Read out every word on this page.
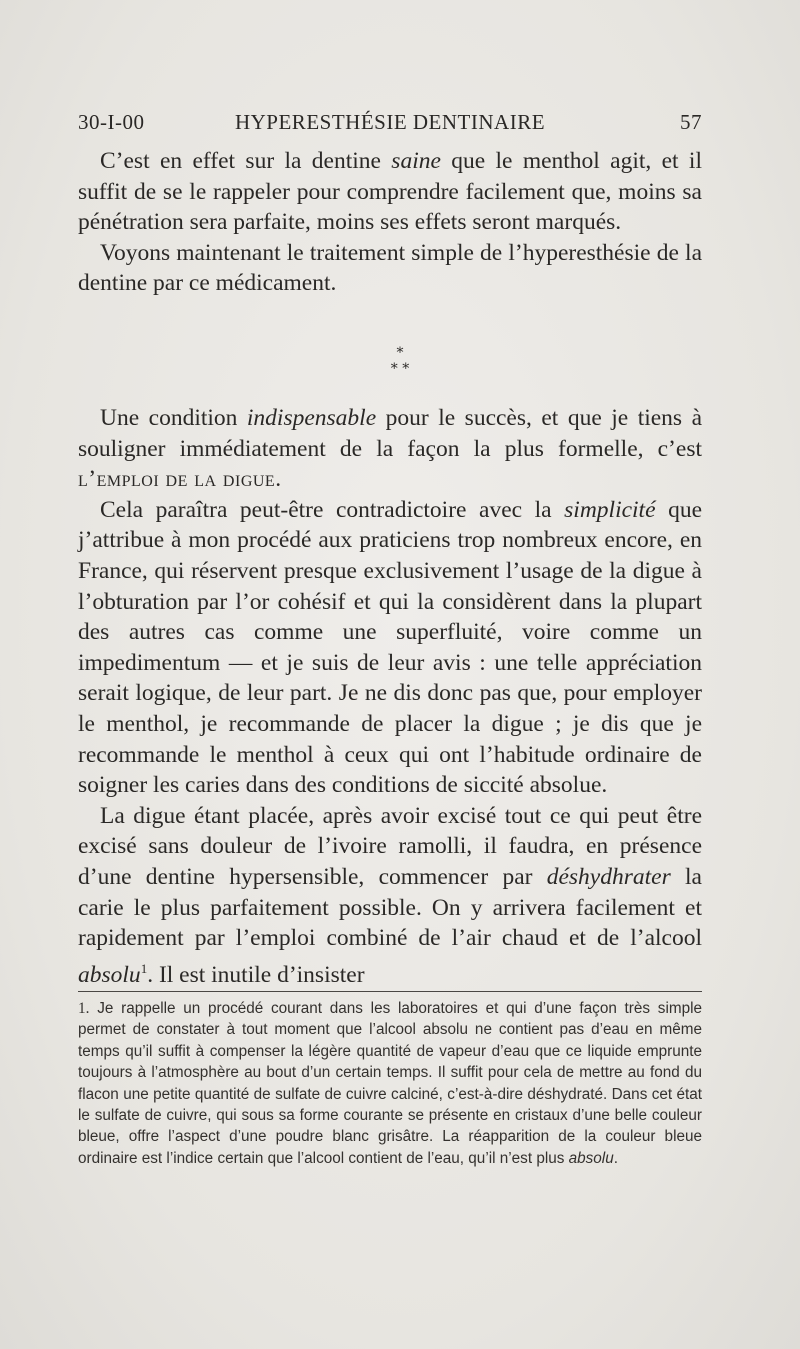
30-I-00	HYPERESTHÉSIE DENTINAIRE	57

C’est en effet sur la dentine saine que le menthol agit, et il suffit de se le rappeler pour comprendre facilement que, moins sa pénétration sera parfaite, moins ses effets seront marqués.

Voyons maintenant le traitement simple de l’hyperesthésie de la dentine par ce médicament.

*
* *

Une condition indispensable pour le succès, et que je tiens à souligner immédiatement de la façon la plus formelle, c’est l’emploi de la digue.

Cela paraîtra peut-être contradictoire avec la simplicité que j’attribue à mon procédé aux praticiens trop nombreux encore, en France, qui réservent presque exclusivement l’usage de la digue à l’obturation par l’or cohésif et qui la considèrent dans la plupart des autres cas comme une superfluité, voire comme un impedimentum — et je suis de leur avis : une telle appréciation serait logique, de leur part. Je ne dis donc pas que, pour employer le menthol, je recommande de placer la digue ; je dis que je recommande le menthol à ceux qui ont l’habitude ordinaire de soigner les caries dans des conditions de siccité absolue.

La digue étant placée, après avoir excisé tout ce qui peut être excisé sans douleur de l’ivoire ramolli, il faudra, en présence d’une dentine hypersensible, commencer par déshydhrater la carie le plus parfaitement possible. On y arrivera facilement et rapidement par l’emploi combiné de l’air chaud et de l’alcool absolu$^1$. Il est inutile d’insister

1. Je rappelle un procédé courant dans les laboratoires et qui d’une façon très simple permet de constater à tout moment que l’alcool absolu ne contient pas d’eau en même temps qu’il suffit à compenser la légère quantité de vapeur d’eau que ce liquide emprunte toujours à l’atmosphère au bout d’un certain temps. Il suffit pour cela de mettre au fond du flacon une petite quantité de sulfate de cuivre calciné, c’est-à-dire déshydraté. Dans cet état le sulfate de cuivre, qui sous sa forme courante se présente en cristaux d’une belle couleur bleue, offre l’aspect d’une poudre blanc grisâtre. La réapparition de la couleur bleue ordinaire est l’indice certain que l’alcool contient de l’eau, qu’il n’est plus absolu.
